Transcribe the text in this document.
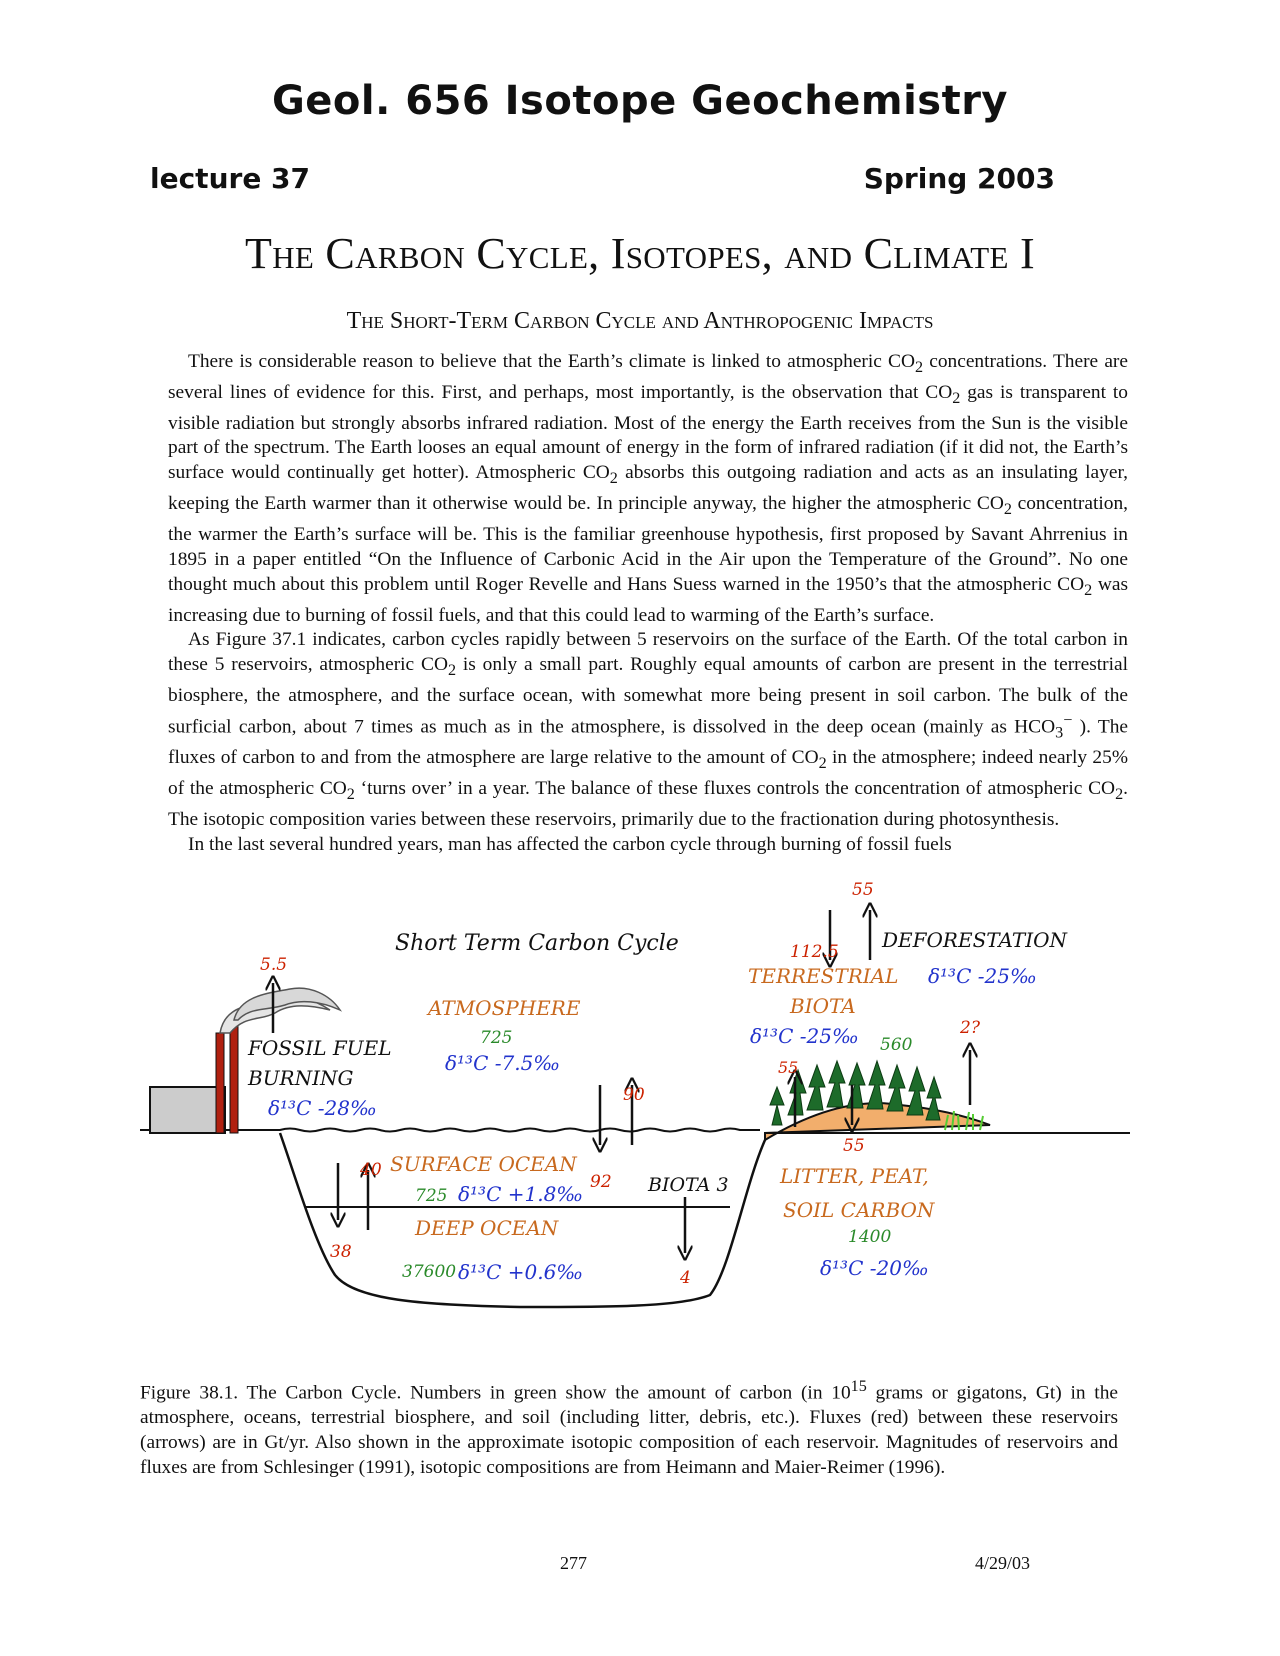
Geol. 656 Isotope Geochemistry
lecture 37	Spring 2003
The Carbon Cycle, Isotopes, and Climate I
The Short-Term Carbon Cycle and Anthropogenic Impacts

There is considerable reason to believe that the Earth’s climate is linked to atmospheric $CO_2$ concentrations. There are several lines of evidence for this. First, and perhaps, most importantly, is the observation that $CO_2$ gas is transparent to visible radiation but strongly absorbs infrared radiation. Most of the energy the Earth receives from the Sun is the visible part of the spectrum. The Earth looses an equal amount of energy in the form of infrared radiation (if it did not, the Earth’s surface would continually get hotter). Atmospheric $CO_2$ absorbs this outgoing radiation and acts as an insulating layer, keeping the Earth warmer than it otherwise would be. In principle anyway, the higher the atmospheric $CO_2$ concentration, the warmer the Earth’s surface will be. This is the familiar greenhouse hypothesis, first proposed by Savant Ahrrenius in 1895 in a paper entitled “On the Influence of Carbonic Acid in the Air upon the Temperature of the Ground”. No one thought much about this problem until Roger Revelle and Hans Suess warned in the 1950’s that the atmospheric $CO_2$ was increasing due to burning of fossil fuels, and that this could lead to warming of the Earth’s surface.

As Figure 37.1 indicates, carbon cycles rapidly between 5 reservoirs on the surface of the Earth. Of the total carbon in these 5 reservoirs, atmospheric $CO_2$ is only a small part. Roughly equal amounts of carbon are present in the terrestrial biosphere, the atmosphere, and the surface ocean, with somewhat more being present in soil carbon. The bulk of the surficial carbon, about 7 times as much as in the atmosphere, is dissolved in the deep ocean (mainly as $HCO_3^-$ ). The fluxes of carbon to and from the atmosphere are large relative to the amount of $CO_2$ in the atmosphere; indeed nearly 25% of the atmospheric $CO_2$ ‘turns over’ in a year. The balance of these fluxes controls the concentration of atmospheric $CO_2$. The isotopic composition varies between these reservoirs, primarily due to the fractionation during photosynthesis.

In the last several hundred years, man has affected the carbon cycle through burning of fossil fuels

Short Term Carbon Cycle
ATMOSPHERE
725
δ¹³C -7.5‰
5.5
FOSSIL FUEL
BURNING
δ¹³C -28‰
55
112.5 DEFORESTATION
δ¹³C -25‰
TERRESTRIAL
BIOTA
δ¹³C -25‰ 560
2?
55
55
90
92 BIOTA 3
40 SURFACE OCEAN
725 δ¹³C +1.8‰
38
DEEP OCEAN
37600 δ¹³C +0.6‰	4
LITTER, PEAT,
SOIL CARBON
1400
δ¹³C -20‰

Figure 38.1. The Carbon Cycle. Numbers in green show the amount of carbon (in $10^{15}$ grams or gigatons, Gt) in the atmosphere, oceans, terrestrial biosphere, and soil (including litter, debris, etc.). Fluxes (red) between these reservoirs (arrows) are in Gt/yr. Also shown in the approximate isotopic composition of each reservoir. Magnitudes of reservoirs and fluxes are from Schlesinger (1991), isotopic compositions are from Heimann and Maier-Reimer (1996).

277	4/29/03
